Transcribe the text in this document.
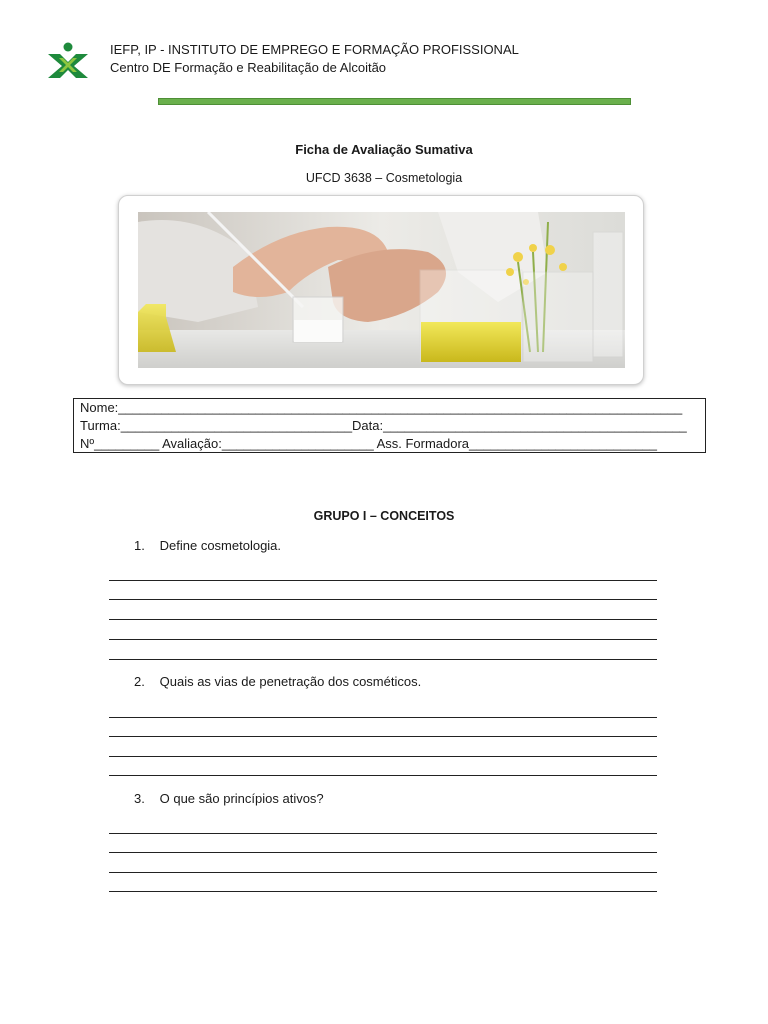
IEFP, IP - INSTITUTO DE EMPREGO E FORMAÇÃO PROFISSIONAL
Centro DE Formação e Reabilitação de Alcoitão
Ficha de Avaliação Sumativa
UFCD 3638 – Cosmetologia
Nome:______________________________________________________________________________
Turma:________________________________Data:__________________________________________
Nº_________ Avaliação:_____________________ Ass. Formadora__________________________
GRUPO I – CONCEITOS
1. Define cosmetologia.
2. Quais as vias de penetração dos cosméticos.
3. O que são princípios ativos?
